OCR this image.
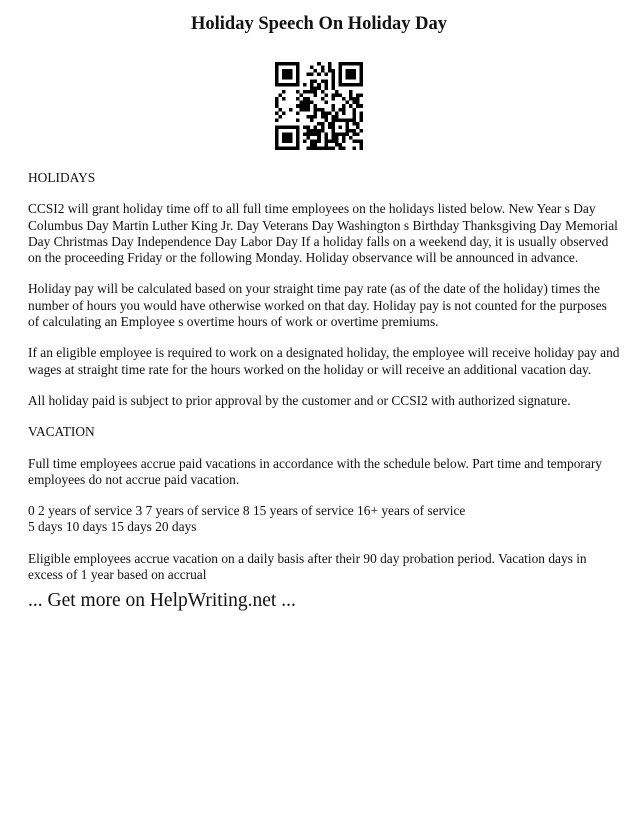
Holiday Speech On Holiday Day

HOLIDAYS

CCSI2 will grant holiday time off to all full time employees on the holidays listed below. New Year s Day
Columbus Day Martin Luther King Jr. Day Veterans Day Washington s Birthday Thanksgiving Day Memorial
Day Christmas Day Independence Day Labor Day If a holiday falls on a weekend day, it is usually observed
on the proceeding Friday or the following Monday. Holiday observance will be announced in advance.

Holiday pay will be calculated based on your straight time pay rate (as of the date of the holiday) times the
number of hours you would have otherwise worked on that day. Holiday pay is not counted for the purposes
of calculating an Employee s overtime hours of work or overtime premiums.

If an eligible employee is required to work on a designated holiday, the employee will receive holiday pay and
wages at straight time rate for the hours worked on the holiday or will receive an additional vacation day.

All holiday paid is subject to prior approval by the customer and or CCSI2 with authorized signature.

VACATION

Full time employees accrue paid vacations in accordance with the schedule below. Part time and temporary
employees do not accrue paid vacation.

0 2 years of service 3 7 years of service 8 15 years of service 16+ years of service
5 days 10 days 15 days 20 days

Eligible employees accrue vacation on a daily basis after their 90 day probation period. Vacation days in
excess of 1 year based on accrual

... Get more on HelpWriting.net ...
